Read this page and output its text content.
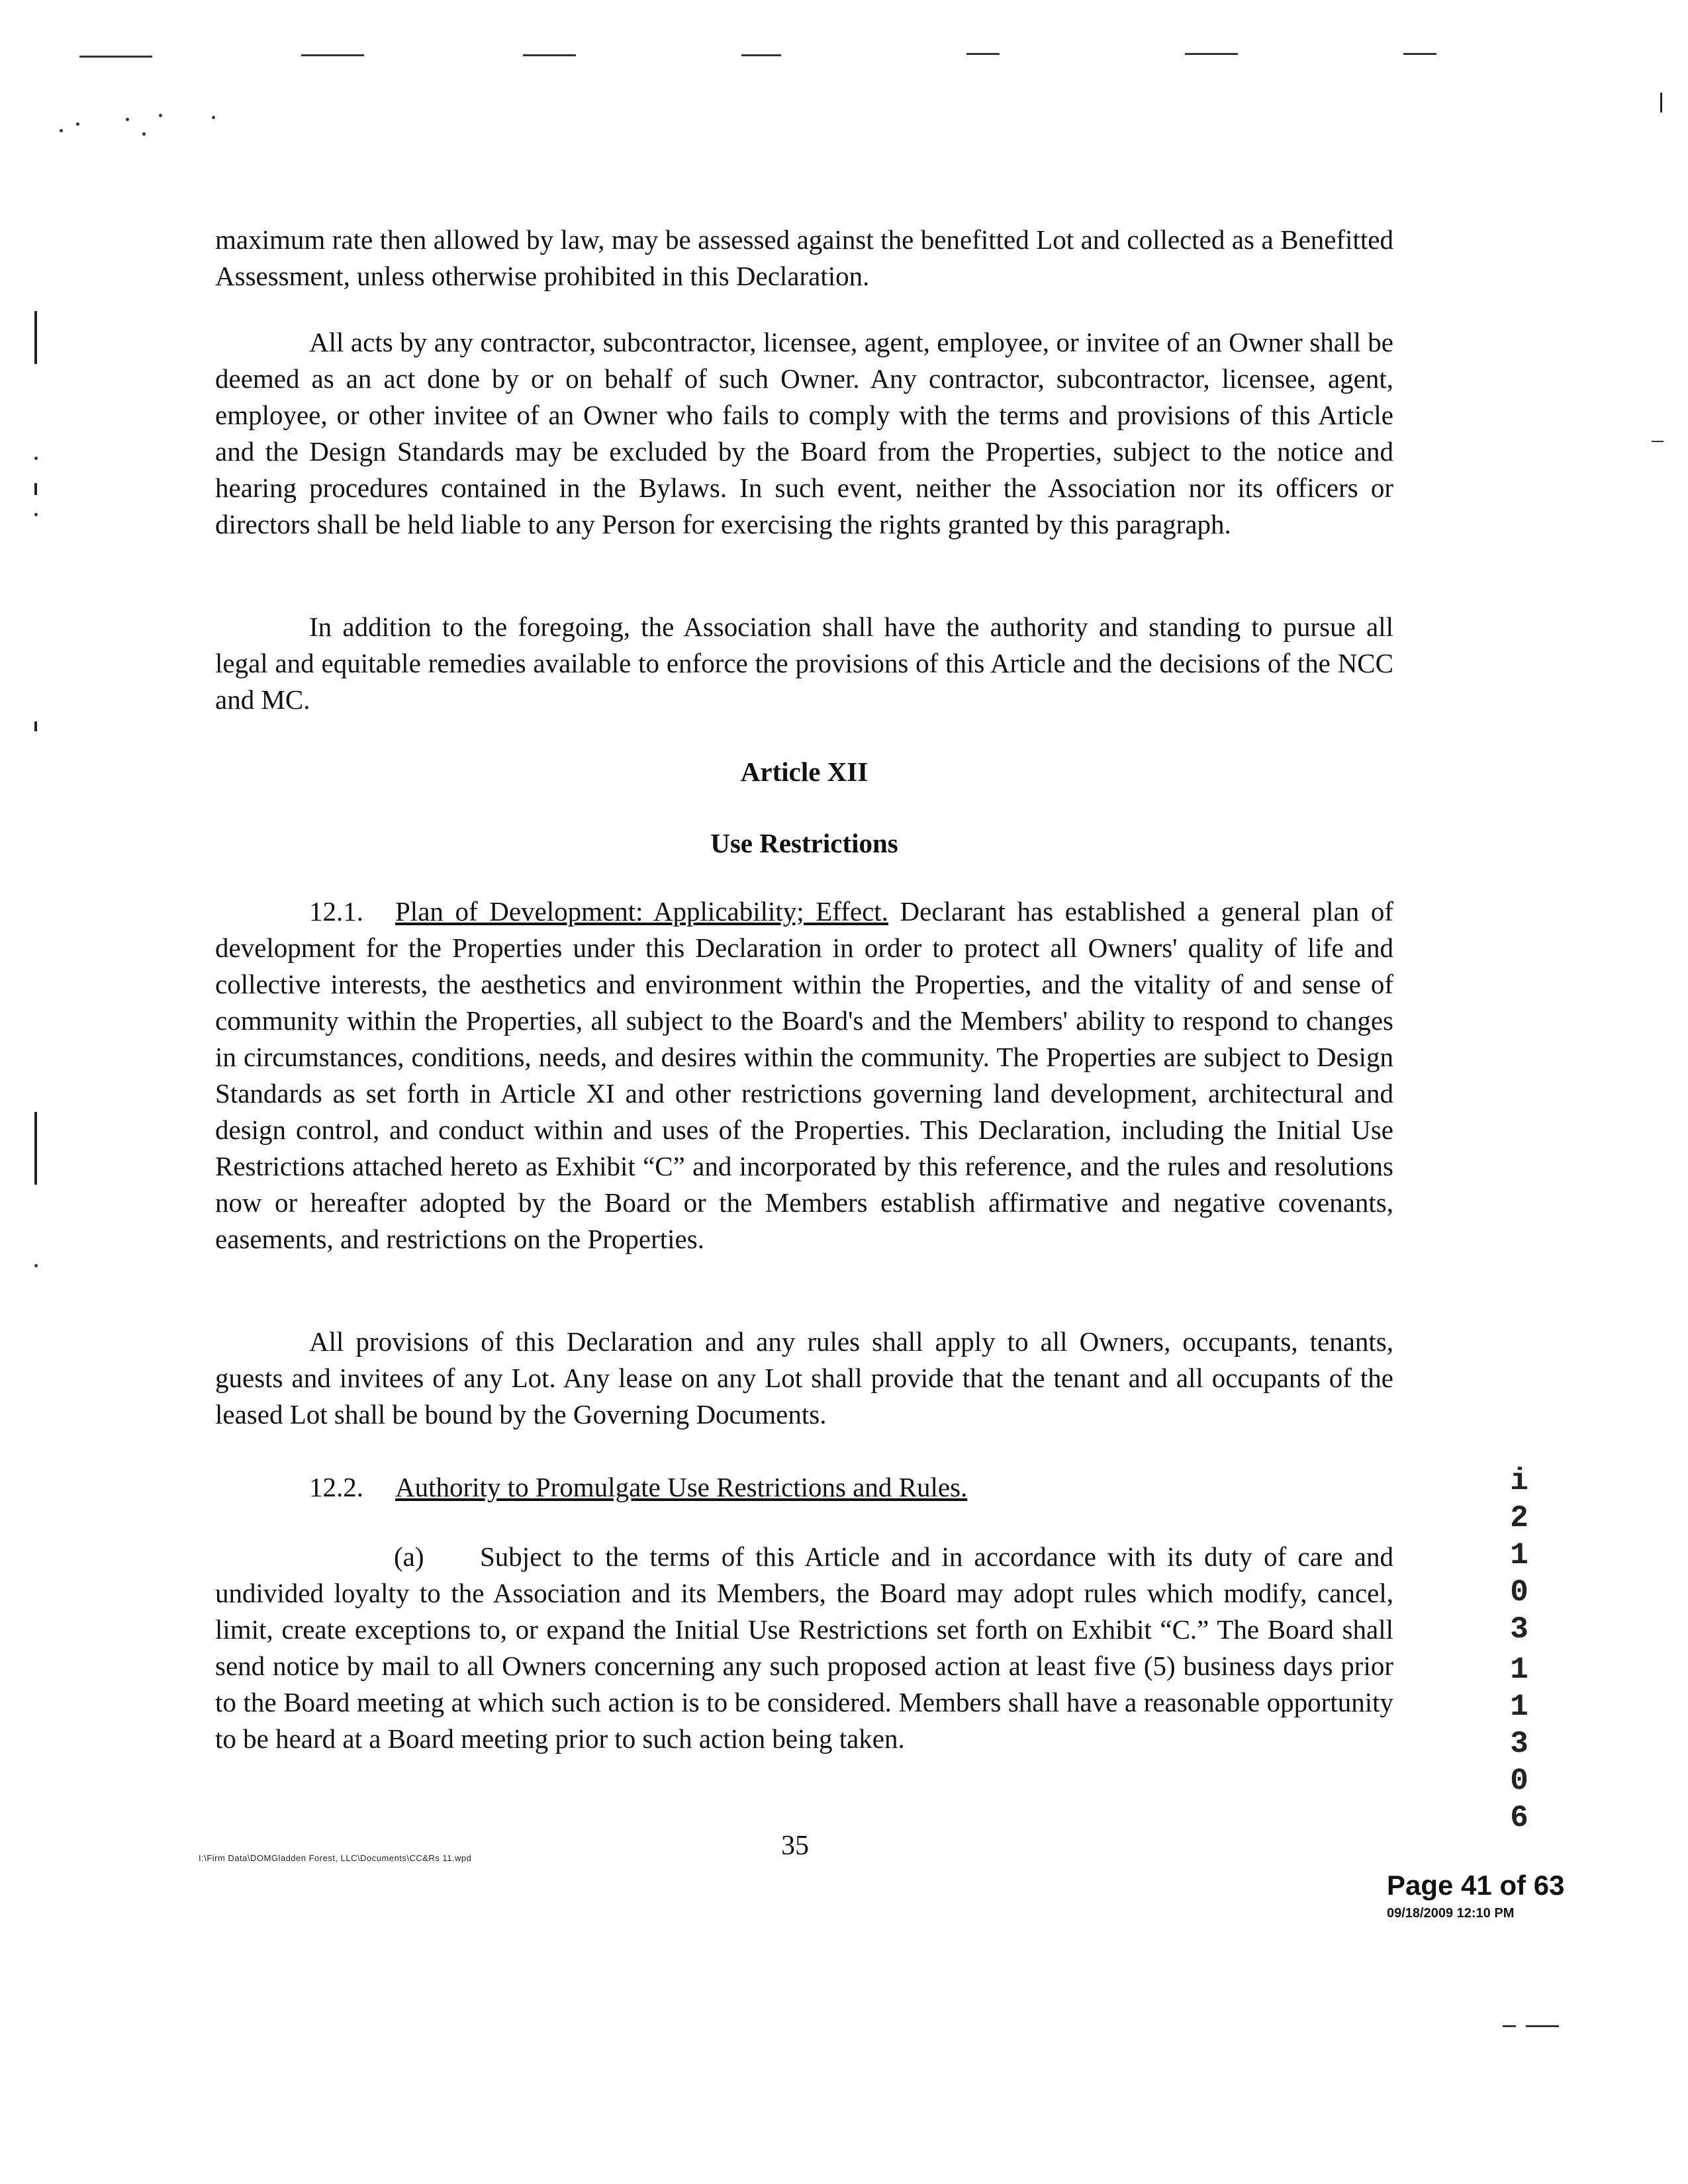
maximum rate then allowed by law, may be assessed against the benefitted Lot and collected as a Benefitted Assessment, unless otherwise prohibited in this Declaration.
All acts by any contractor, subcontractor, licensee, agent, employee, or invitee of an Owner shall be deemed as an act done by or on behalf of such Owner. Any contractor, subcontractor, licensee, agent, employee, or other invitee of an Owner who fails to comply with the terms and provisions of this Article and the Design Standards may be excluded by the Board from the Properties, subject to the notice and hearing procedures contained in the Bylaws. In such event, neither the Association nor its officers or directors shall be held liable to any Person for exercising the rights granted by this paragraph.
In addition to the foregoing, the Association shall have the authority and standing to pursue all legal and equitable remedies available to enforce the provisions of this Article and the decisions of the NCC and MC.
Article XII
Use Restrictions
12.1. Plan of Development: Applicability; Effect. Declarant has established a general plan of development for the Properties under this Declaration in order to protect all Owners' quality of life and collective interests, the aesthetics and environment within the Properties, and the vitality of and sense of community within the Properties, all subject to the Board's and the Members' ability to respond to changes in circumstances, conditions, needs, and desires within the community. The Properties are subject to Design Standards as set forth in Article XI and other restrictions governing land development, architectural and design control, and conduct within and uses of the Properties. This Declaration, including the Initial Use Restrictions attached hereto as Exhibit “C” and incorporated by this reference, and the rules and resolutions now or hereafter adopted by the Board or the Members establish affirmative and negative covenants, easements, and restrictions on the Properties.
All provisions of this Declaration and any rules shall apply to all Owners, occupants, tenants, guests and invitees of any Lot. Any lease on any Lot shall provide that the tenant and all occupants of the leased Lot shall be bound by the Governing Documents.
12.2. Authority to Promulgate Use Restrictions and Rules.
(a) Subject to the terms of this Article and in accordance with its duty of care and undivided loyalty to the Association and its Members, the Board may adopt rules which modify, cancel, limit, create exceptions to, or expand the Initial Use Restrictions set forth on Exhibit “C.” The Board shall send notice by mail to all Owners concerning any such proposed action at least five (5) business days prior to the Board meeting at which such action is to be considered. Members shall have a reasonable opportunity to be heard at a Board meeting prior to such action being taken.
i
2
1
0
3
1
1
3
0
6
I:\Firm Data\DOMGladden Forest, LLC\Documents\CC&Rs 11.wpd	35
Page 41 of 63
09/18/2009 12:10 PM
